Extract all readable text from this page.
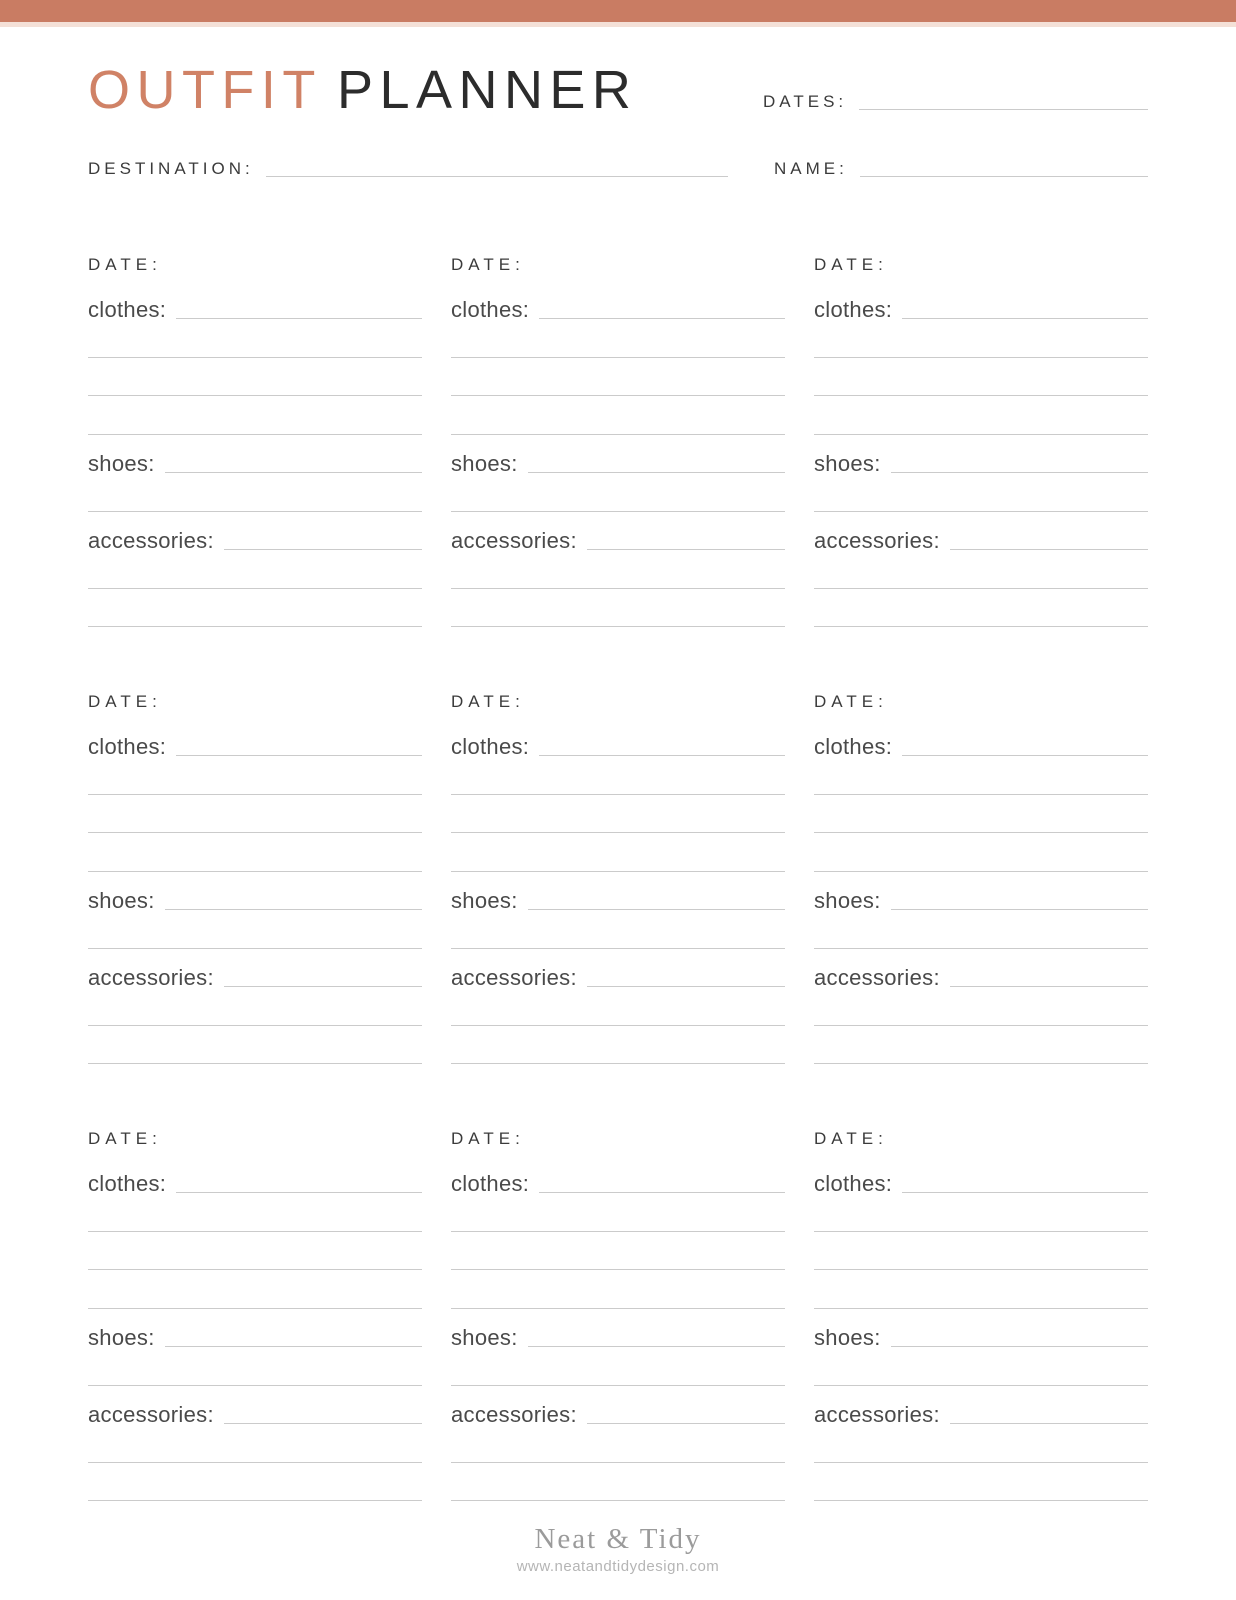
OUTFIT PLANNER	DATES:
DESTINATION:	NAME:
DATE:
clothes:
shoes:
accessories:
DATE:
clothes:
shoes:
accessories:
DATE:
clothes:
shoes:
accessories:
DATE:
clothes:
shoes:
accessories:
DATE:
clothes:
shoes:
accessories:
DATE:
clothes:
shoes:
accessories:
DATE:
clothes:
shoes:
accessories:
DATE:
clothes:
shoes:
accessories:
DATE:
clothes:
shoes:
accessories:
Neat & Tidy
www.neatandtidydesign.com
